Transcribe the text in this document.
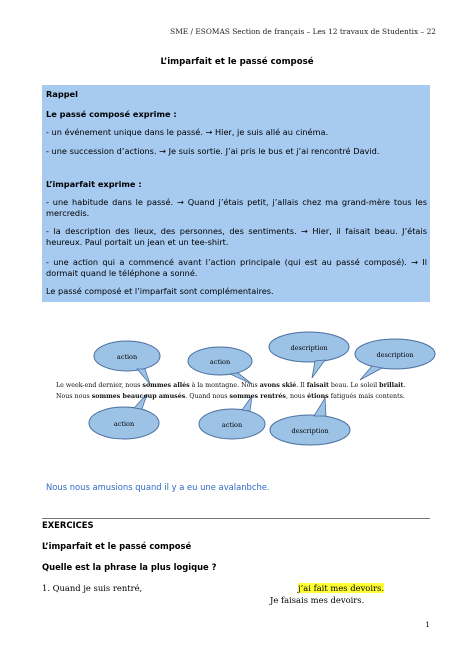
SME / ESOMAS Section de français – Les 12 travaux de Studentix – 22
L’imparfait et le passé composé

Rappel

Le passé composé exprime :

- un événement unique dans le passé. → Hier, je suis allé au cinéma.

- une succession d’actions. → Je suis sortie. J’ai pris le bus et j’ai rencontré David.

L’imparfait exprime :

- une habitude dans le passé. → Quand j’étais petit, j’allais chez ma grand-mère tous les mercredis.

- la description des lieux, des personnes, des sentiments. → Hier, il faisait beau. J’étais heureux. Paul portait un jean et un tee-shirt.

- une action qui a commencé avant l’action principale (qui est au passé composé). → Il dormait quand le téléphone a sonné.

Le passé composé et l’imparfait sont complémentaires.

action
action
description
description
action	action
description
Le week-end dernier, nous sommes allés à la montagne. Nous avons skié. Il faisait beau. Le soleil brillait.
Nous nous sommes beaucoup amusés. Quand nous sommes rentrés, nous étions fatigués mais contents.
Nous nous amusions quand il y a eu une avalanbche.
EXERCICES
L’imparfait et le passé composé
Quelle est la phrase la plus logique ?
1. Quand je suis rentré,	j’ai fait mes devoirs.
Je faisais mes devoirs.
1
